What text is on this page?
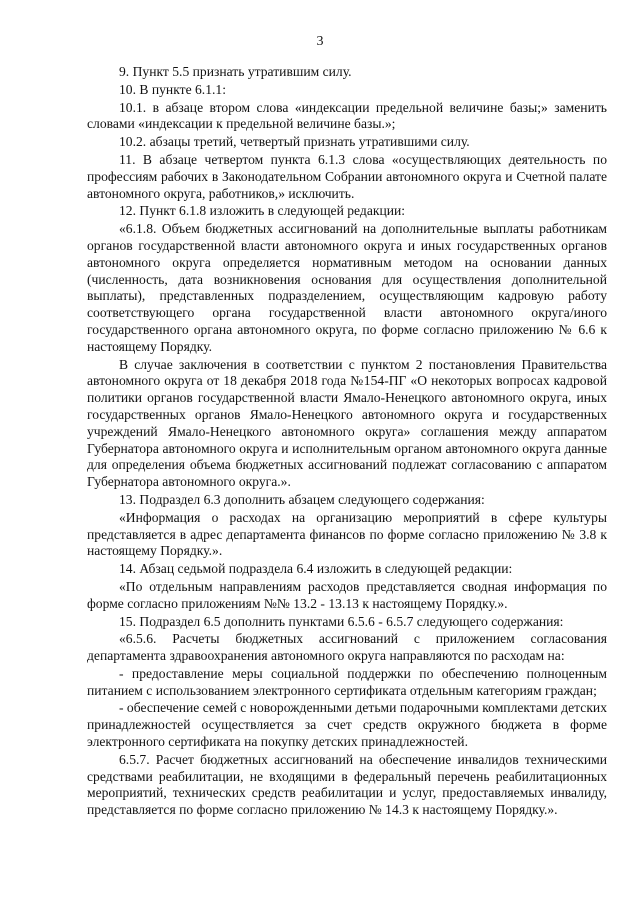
3

9. Пункт 5.5 признать утратившим силу.

10. В пункте 6.1.1:

10.1. в абзаце втором слова «индексации предельной величине базы;» заменить словами «индексации к предельной величине базы.»;

10.2. абзацы третий, четвертый признать утратившими силу.

11. В абзаце четвертом пункта 6.1.3 слова «осуществляющих деятельность по профессиям рабочих в Законодательном Собрании автономного округа и Счетной палате автономного округа, работников,» исключить.

12. Пункт 6.1.8 изложить в следующей редакции:

«6.1.8. Объем бюджетных ассигнований на дополнительные выплаты работникам органов государственной власти автономного округа и иных государственных органов автономного округа определяется нормативным методом на основании данных (численность, дата возникновения основания для осуществления дополнительной выплаты), представленных подразделением, осуществляющим кадровую работу соответствующего органа государственной власти автономного округа/иного государственного органа автономного округа, по форме согласно приложению № 6.6 к настоящему Порядку.

В случае заключения в соответствии с пунктом 2 постановления Правительства автономного округа от 18 декабря 2018 года №154-ПГ «О некоторых вопросах кадровой политики органов государственной власти Ямало-Ненецкого автономного округа, иных государственных органов Ямало-Ненецкого автономного округа и государственных учреждений Ямало-Ненецкого автономного округа» соглашения между аппаратом Губернатора автономного округа и исполнительным органом автономного округа данные для определения объема бюджетных ассигнований подлежат согласованию с аппаратом Губернатора автономного округа.».

13. Подраздел 6.3 дополнить абзацем следующего содержания:

«Информация о расходах на организацию мероприятий в сфере культуры представляется в адрес департамента финансов по форме согласно приложению № 3.8 к настоящему Порядку.».

14. Абзац седьмой подраздела 6.4 изложить в следующей редакции:

«По отдельным направлениям расходов представляется сводная информация по форме согласно приложениям №№ 13.2 - 13.13 к настоящему Порядку.».

15. Подраздел 6.5 дополнить пунктами 6.5.6 - 6.5.7 следующего содержания:

«6.5.6. Расчеты бюджетных ассигнований с приложением согласования департамента здравоохранения автономного округа направляются по расходам на:

- предоставление меры социальной поддержки по обеспечению полноценным питанием с использованием электронного сертификата отдельным категориям граждан;

- обеспечение семей с новорожденными детьми подарочными комплектами детских принадлежностей осуществляется за счет средств окружного бюджета в форме электронного сертификата на покупку детских принадлежностей.

6.5.7. Расчет бюджетных ассигнований на обеспечение инвалидов техническими средствами реабилитации, не входящими в федеральный перечень реабилитационных мероприятий, технических средств реабилитации и услуг, предоставляемых инвалиду, представляется по форме согласно приложению № 14.3 к настоящему Порядку.».
